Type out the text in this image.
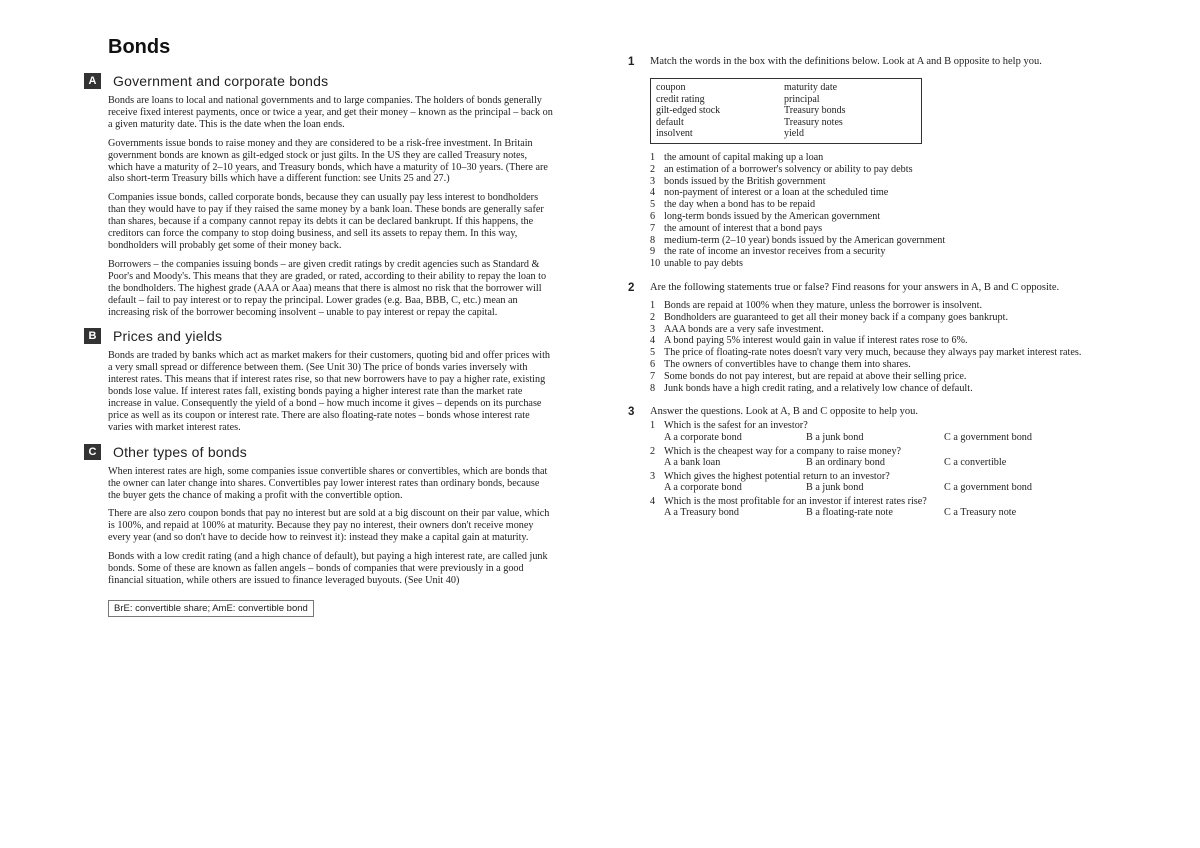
Bonds
A	Government and corporate bonds

Bonds are loans to local and national governments and to large companies. The holders of bonds generally receive fixed interest payments, once or twice a year, and get their money – known as the principal – back on a given maturity date. This is the date when the loan ends.

Governments issue bonds to raise money and they are considered to be a risk-free investment. In Britain government bonds are known as gilt-edged stock or just gilts. In the US they are called Treasury notes, which have a maturity of 2–10 years, and Treasury bonds, which have a maturity of 10–30 years. (There are also short-term Treasury bills which have a different function: see Units 25 and 27.)

Companies issue bonds, called corporate bonds, because they can usually pay less interest to bondholders than they would have to pay if they raised the same money by a bank loan. These bonds are generally safer than shares, because if a company cannot repay its debts it can be declared bankrupt. If this happens, the creditors can force the company to stop doing business, and sell its assets to repay them. In this way, bondholders will probably get some of their money back.

Borrowers – the companies issuing bonds – are given credit ratings by credit agencies such as Standard & Poor's and Moody's. This means that they are graded, or rated, according to their ability to repay the loan to the bondholders. The highest grade (AAA or Aaa) means that there is almost no risk that the borrower will default – fail to pay interest or to repay the principal. Lower grades (e.g. Baa, BBB, C, etc.) mean an increasing risk of the borrower becoming insolvent – unable to pay interest or repay the capital.

B	Prices and yields

Bonds are traded by banks which act as market makers for their customers, quoting bid and offer prices with a very small spread or difference between them. (See Unit 30) The price of bonds varies inversely with interest rates. This means that if interest rates rise, so that new borrowers have to pay a higher rate, existing bonds lose value. If interest rates fall, existing bonds paying a higher interest rate than the market rate increase in value. Consequently the yield of a bond – how much income it gives – depends on its purchase price as well as its coupon or interest rate. There are also floating-rate notes – bonds whose interest rate varies with market interest rates.

C	Other types of bonds

When interest rates are high, some companies issue convertible shares or convertibles, which are bonds that the owner can later change into shares. Convertibles pay lower interest rates than ordinary bonds, because the buyer gets the chance of making a profit with the convertible option.

There are also zero coupon bonds that pay no interest but are sold at a big discount on their par value, which is 100%, and repaid at 100% at maturity. Because they pay no interest, their owners don't receive money every year (and so don't have to decide how to reinvest it): instead they make a capital gain at maturity.

Bonds with a low credit rating (and a high chance of default), but paying a high interest rate, are called junk bonds. Some of these are known as fallen angels – bonds of companies that were previously in a good financial situation, while others are issued to finance leveraged buyouts. (See Unit 40)

BrE: convertible share; AmE: convertible bond
1 Match the words in the box with the definitions below. Look at A and B opposite to help you.
coupon	maturity date
credit rating	principal
gilt-edged stock	Treasury bonds
default	Treasury notes
insolvent	yield
1 the amount of capital making up a loan
2 an estimation of a borrower's solvency or ability to pay debts
3 bonds issued by the British government
4 non-payment of interest or a loan at the scheduled time
5 the day when a bond has to be repaid
6 long-term bonds issued by the American government
7 the amount of interest that a bond pays
8 medium-term (2–10 year) bonds issued by the American government
9 the rate of income an investor receives from a security
10 unable to pay debts
2 Are the following statements true or false? Find reasons for your answers in A, B and C opposite.
1 Bonds are repaid at 100% when they mature, unless the borrower is insolvent.
2 Bondholders are guaranteed to get all their money back if a company goes bankrupt.
3 AAA bonds are a very safe investment.
4 A bond paying 5% interest would gain in value if interest rates rose to 6%.
5 The price of floating-rate notes doesn't vary very much, because they always pay market interest rates.
6 The owners of convertibles have to change them into shares.
7 Some bonds do not pay interest, but are repaid at above their selling price.
8 Junk bonds have a high credit rating, and a relatively low chance of default.
3 Answer the questions. Look at A, B and C opposite to help you.
1 Which is the safest for an investor?
A a corporate bond	B a junk bond	C a government bond
2 Which is the cheapest way for a company to raise money?
A a bank loan	B an ordinary bond	C a convertible
3 Which gives the highest potential return to an investor?
A a corporate bond	B a junk bond	C a government bond
4 Which is the most profitable for an investor if interest rates rise?
A a Treasury bond	B a floating-rate note	C a Treasury note
